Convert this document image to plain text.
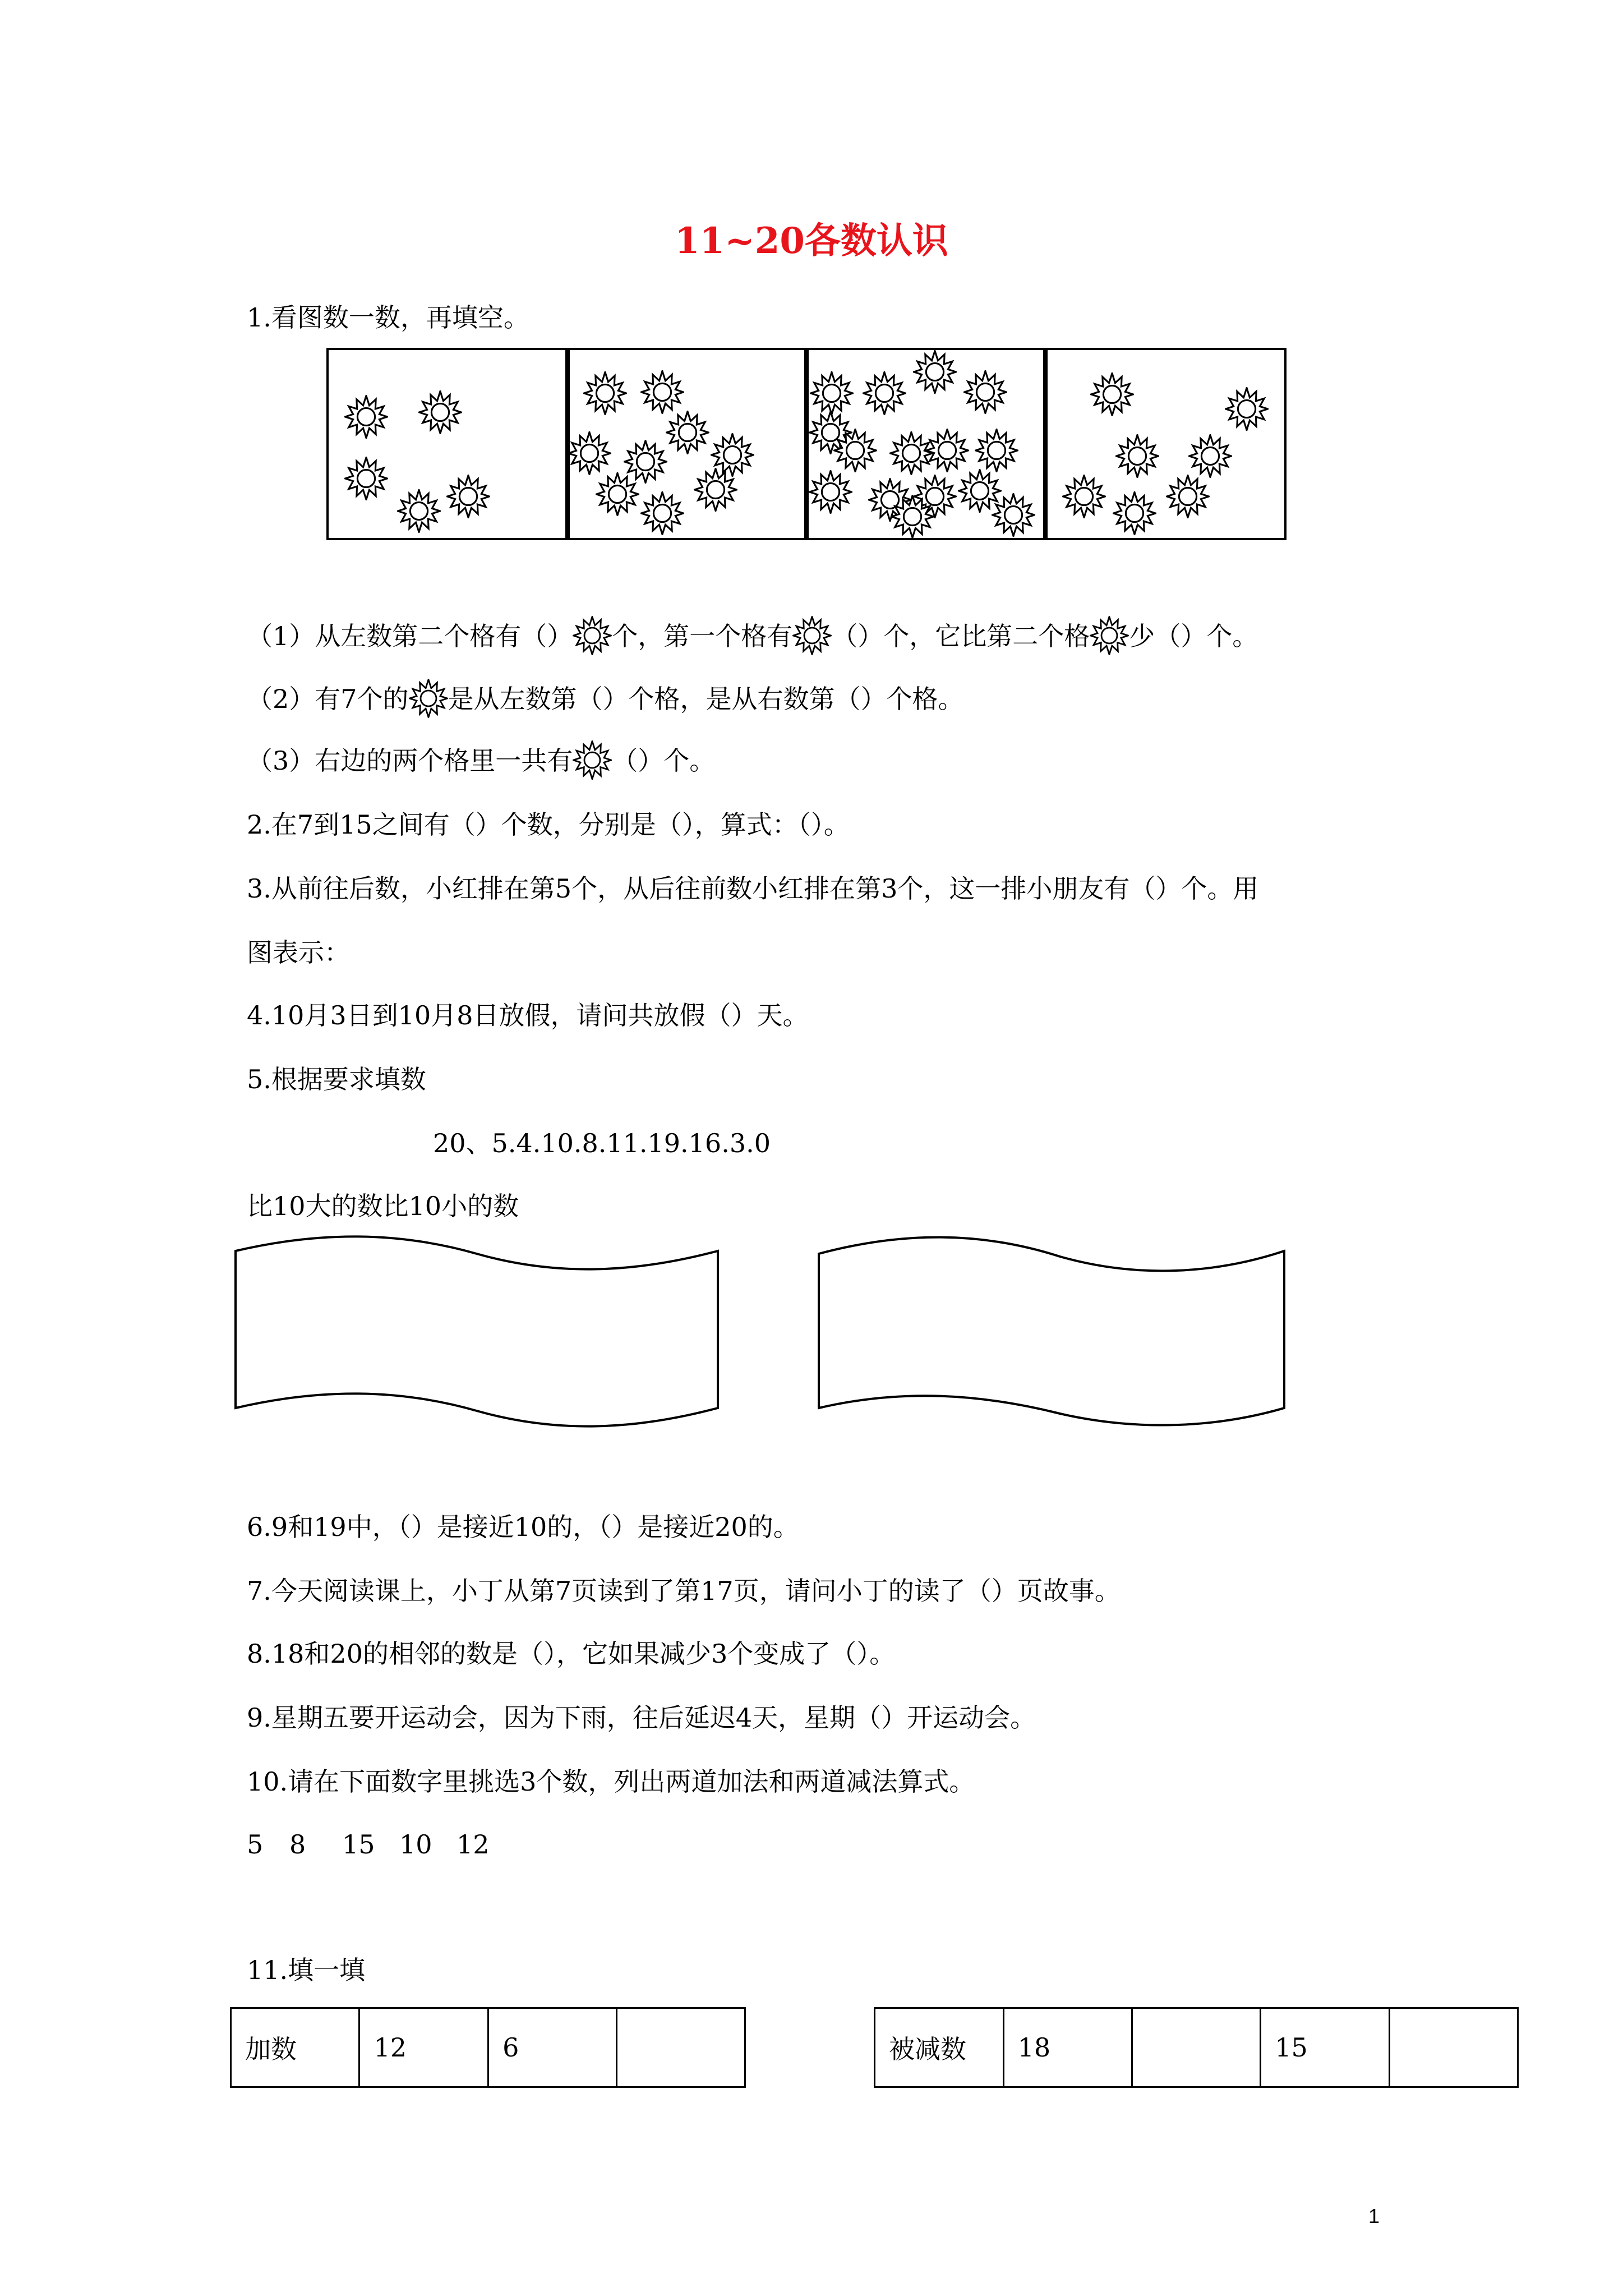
11~20各数认识
1.看图数一数，再填空。
（1）从左数第二个格有（） 个，第一个格有 （）个，它比第二个格 少（）个。
（2）有7个的 是从左数第（）个格，是从右数第（）个格。
（3）右边的两个格里一共有 （）个。
2.在7到15之间有（）个数，分别是（），算式：（）。
3.从前往后数，小红排在第5个，从后往前数小红排在第3个，这一排小朋友有（）个。用
图表示：
4.10月3日到10月8日放假，请问共放假（）天。
5.根据要求填数
20、5.4.10.8.11.19.16.3.0
比10大的数比10小的数
6.9和19中，（）是接近10的，（）是接近20的。
7.今天阅读课上，小丁从第7页读到了第17页，请问小丁的读了（）页故事。
8.18和20的相邻的数是（），它如果减少3个变成了（）。
9.星期五要开运动会，因为下雨，往后延迟4天，星期（）开运动会。
10.请在下面数字里挑选3个数，列出两道加法和两道减法算式。
5 8 15 10 12
11.填一填
加数	12	6		被减数	18		15	
1
